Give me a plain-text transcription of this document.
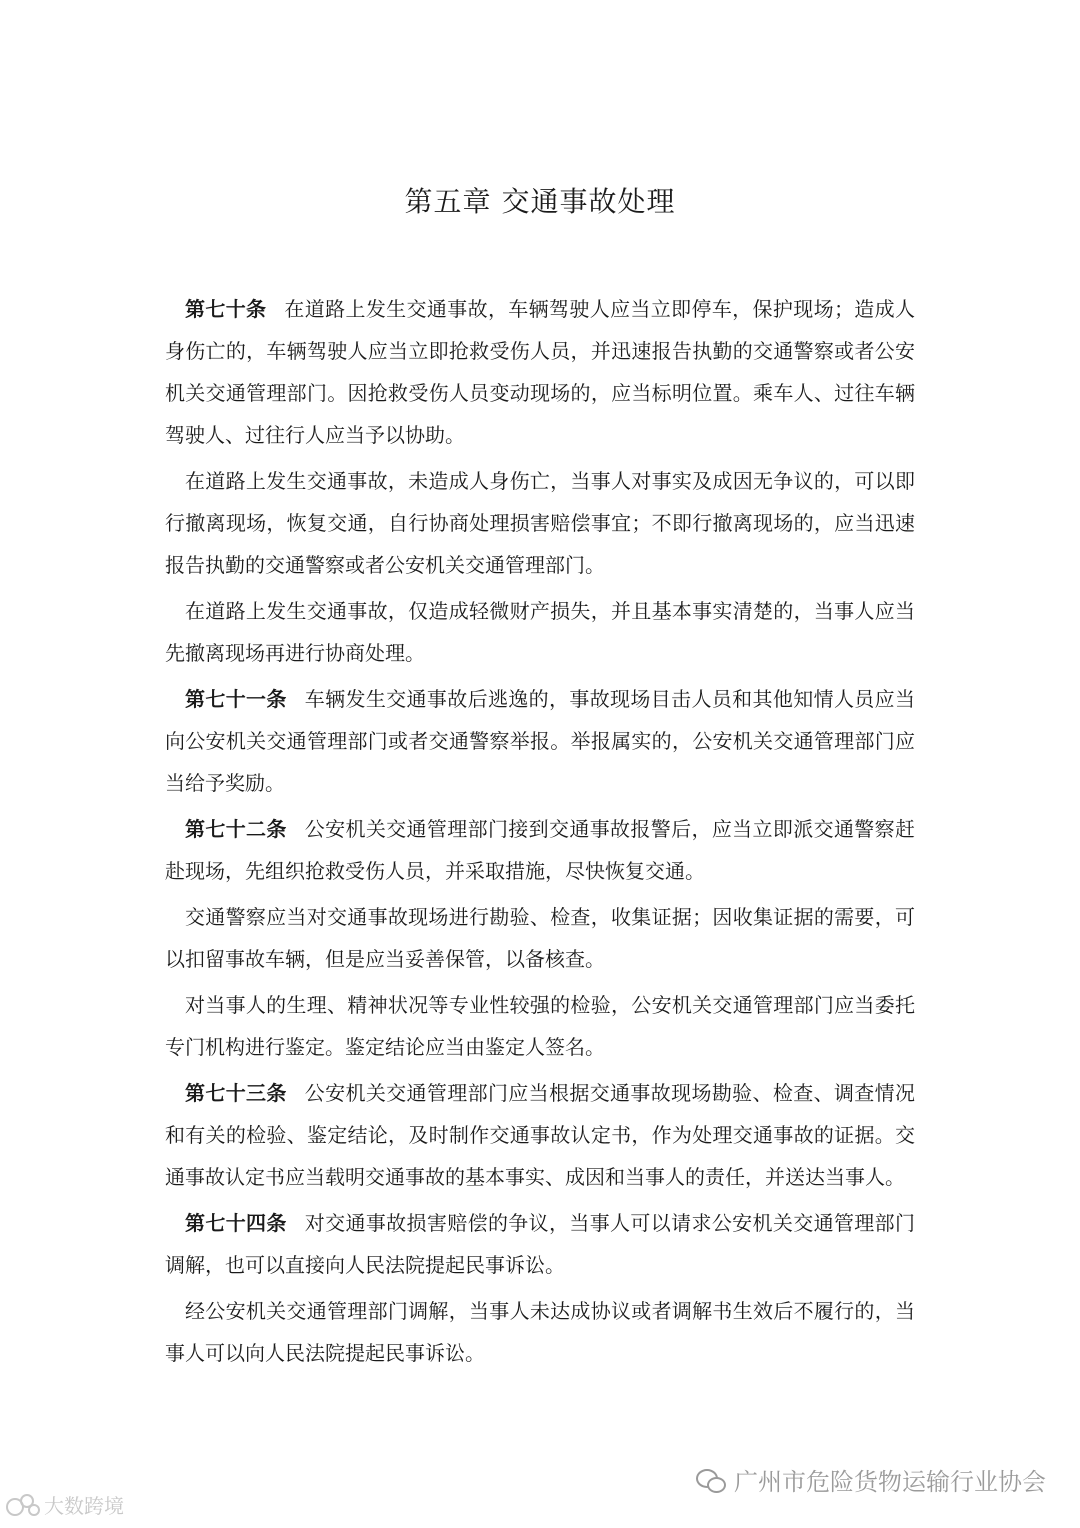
第五章 交通事故处理

第七十条 在道路上发生交通事故，车辆驾驶人应当立即停车，保护现场；造成人身伤亡的，车辆驾驶人应当立即抢救受伤人员，并迅速报告执勤的交通警察或者公安机关交通管理部门。因抢救受伤人员变动现场的，应当标明位置。乘车人、过往车辆驾驶人、过往行人应当予以协助。

在道路上发生交通事故，未造成人身伤亡，当事人对事实及成因无争议的，可以即行撤离现场，恢复交通，自行协商处理损害赔偿事宜；不即行撤离现场的，应当迅速报告执勤的交通警察或者公安机关交通管理部门。

在道路上发生交通事故，仅造成轻微财产损失，并且基本事实清楚的，当事人应当先撤离现场再进行协商处理。

第七十一条 车辆发生交通事故后逃逸的，事故现场目击人员和其他知情人员应当向公安机关交通管理部门或者交通警察举报。举报属实的，公安机关交通管理部门应当给予奖励。

第七十二条 公安机关交通管理部门接到交通事故报警后，应当立即派交通警察赶赴现场，先组织抢救受伤人员，并采取措施，尽快恢复交通。

交通警察应当对交通事故现场进行勘验、检查，收集证据；因收集证据的需要，可以扣留事故车辆，但是应当妥善保管，以备核查。

对当事人的生理、精神状况等专业性较强的检验，公安机关交通管理部门应当委托专门机构进行鉴定。鉴定结论应当由鉴定人签名。

第七十三条 公安机关交通管理部门应当根据交通事故现场勘验、检查、调查情况和有关的检验、鉴定结论，及时制作交通事故认定书，作为处理交通事故的证据。交通事故认定书应当载明交通事故的基本事实、成因和当事人的责任，并送达当事人。

第七十四条 对交通事故损害赔偿的争议，当事人可以请求公安机关交通管理部门调解，也可以直接向人民法院提起民事诉讼。

经公安机关交通管理部门调解，当事人未达成协议或者调解书生效后不履行的，当事人可以向人民法院提起民事诉讼。

广州市危险货物运输行业协会
大数跨境
